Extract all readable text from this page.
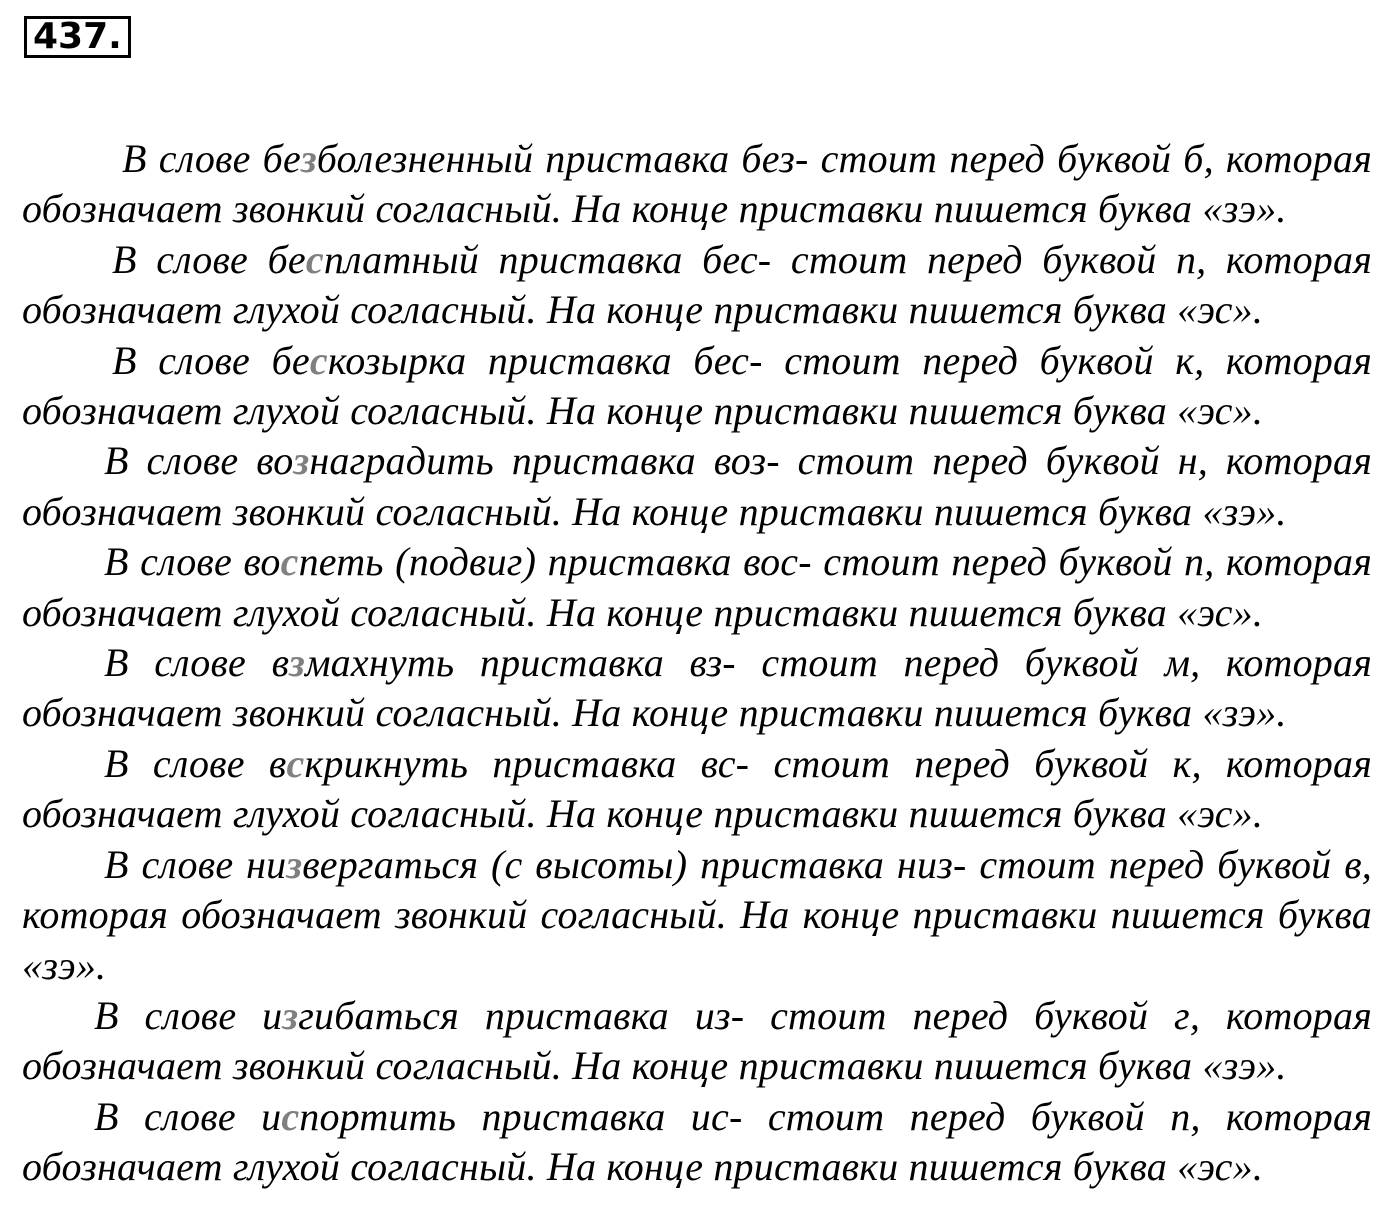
437.

В слове безболезненный приставка без- стоит перед буквой б, которая обозначает звонкий согласный. На конце приставки пишется буква «зэ».

В слове бесплатный приставка бес- стоит перед буквой п, которая обозначает глухой согласный. На конце приставки пишется буква «эс».

В слове бескозырка приставка бес- стоит перед буквой к, которая обозначает глухой согласный. На конце приставки пишется буква «эс».

В слове вознаградить приставка воз- стоит перед буквой н, которая обозначает звонкий согласный. На конце приставки пишется буква «зэ».

В слове воспеть (подвиг) приставка вос- стоит перед буквой п, которая обозначает глухой согласный. На конце приставки пишется буква «эс».

В слове взмахнуть приставка вз- стоит перед буквой м, которая обозначает звонкий согласный. На конце приставки пишется буква «зэ».

В слове вскрикнуть приставка вс- стоит перед буквой к, которая обозначает глухой согласный. На конце приставки пишется буква «эс».

В слове низвергаться (с высоты) приставка низ- стоит перед буквой в, которая обозначает звонкий согласный. На конце приставки пишется буква «зэ».

В слове изгибаться приставка из- стоит перед буквой г, которая обозначает звонкий согласный. На конце приставки пишется буква «зэ».

В слове испортить приставка ис- стоит перед буквой п, которая обозначает глухой согласный. На конце приставки пишется буква «эс».
